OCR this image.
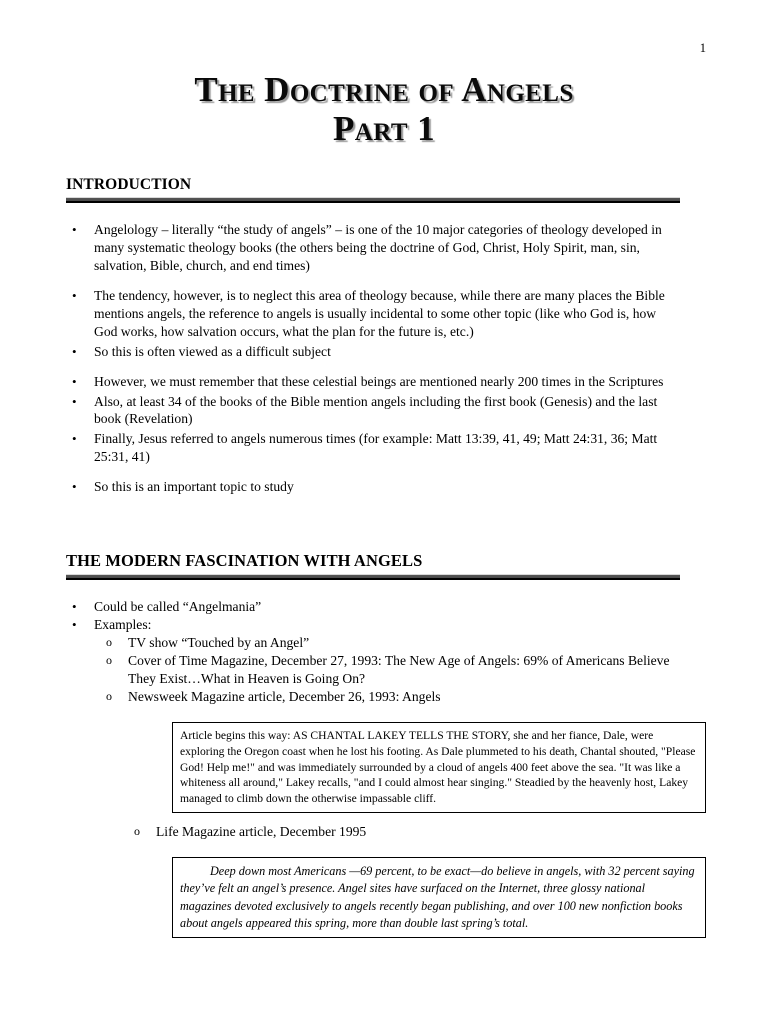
1
The Doctrine of Angels
Part 1
INTRODUCTION
• Angelology – literally “the study of angels” – is one of the 10 major categories of theology developed in many systematic theology books (the others being the doctrine of God, Christ, Holy Spirit, man, sin, salvation, Bible, church, and end times)
• The tendency, however, is to neglect this area of theology because, while there are many places the Bible mentions angels, the reference to angels is usually incidental to some other topic (like who God is, how God works, how salvation occurs, what the plan for the future is, etc.)
• So this is often viewed as a difficult subject
• However, we must remember that these celestial beings are mentioned nearly 200 times in the Scriptures
• Also, at least 34 of the books of the Bible mention angels including the first book (Genesis) and the last book (Revelation)
• Finally, Jesus referred to angels numerous times (for example: Matt 13:39, 41, 49; Matt 24:31, 36; Matt 25:31, 41)
• So this is an important topic to study
THE MODERN FASCINATION WITH ANGELS
• Could be called “Angelmania”
• Examples:
o TV show “Touched by an Angel”
o Cover of Time Magazine, December 27, 1993: The New Age of Angels: 69% of Americans Believe They Exist…What in Heaven is Going On?
o Newsweek Magazine article, December 26, 1993: Angels

Article begins this way: AS CHANTAL LAKEY TELLS THE STORY, she and her fiance, Dale, were exploring the Oregon coast when he lost his footing. As Dale plummeted to his death, Chantal shouted, "Please God! Help me!" and was immediately surrounded by a cloud of angels 400 feet above the sea. "It was like a whiteness all around," Lakey recalls, "and I could almost hear singing." Steadied by the heavenly host, Lakey managed to climb down the otherwise impassable cliff.

o Life Magazine article, December 1995

Deep down most Americans —69 percent, to be exact—do believe in angels, with 32 percent saying they’ve felt an angel’s presence. Angel sites have surfaced on the Internet, three glossy national magazines devoted exclusively to angels recently began publishing, and over 100 new nonfiction books about angels appeared this spring, more than double last spring’s total.
